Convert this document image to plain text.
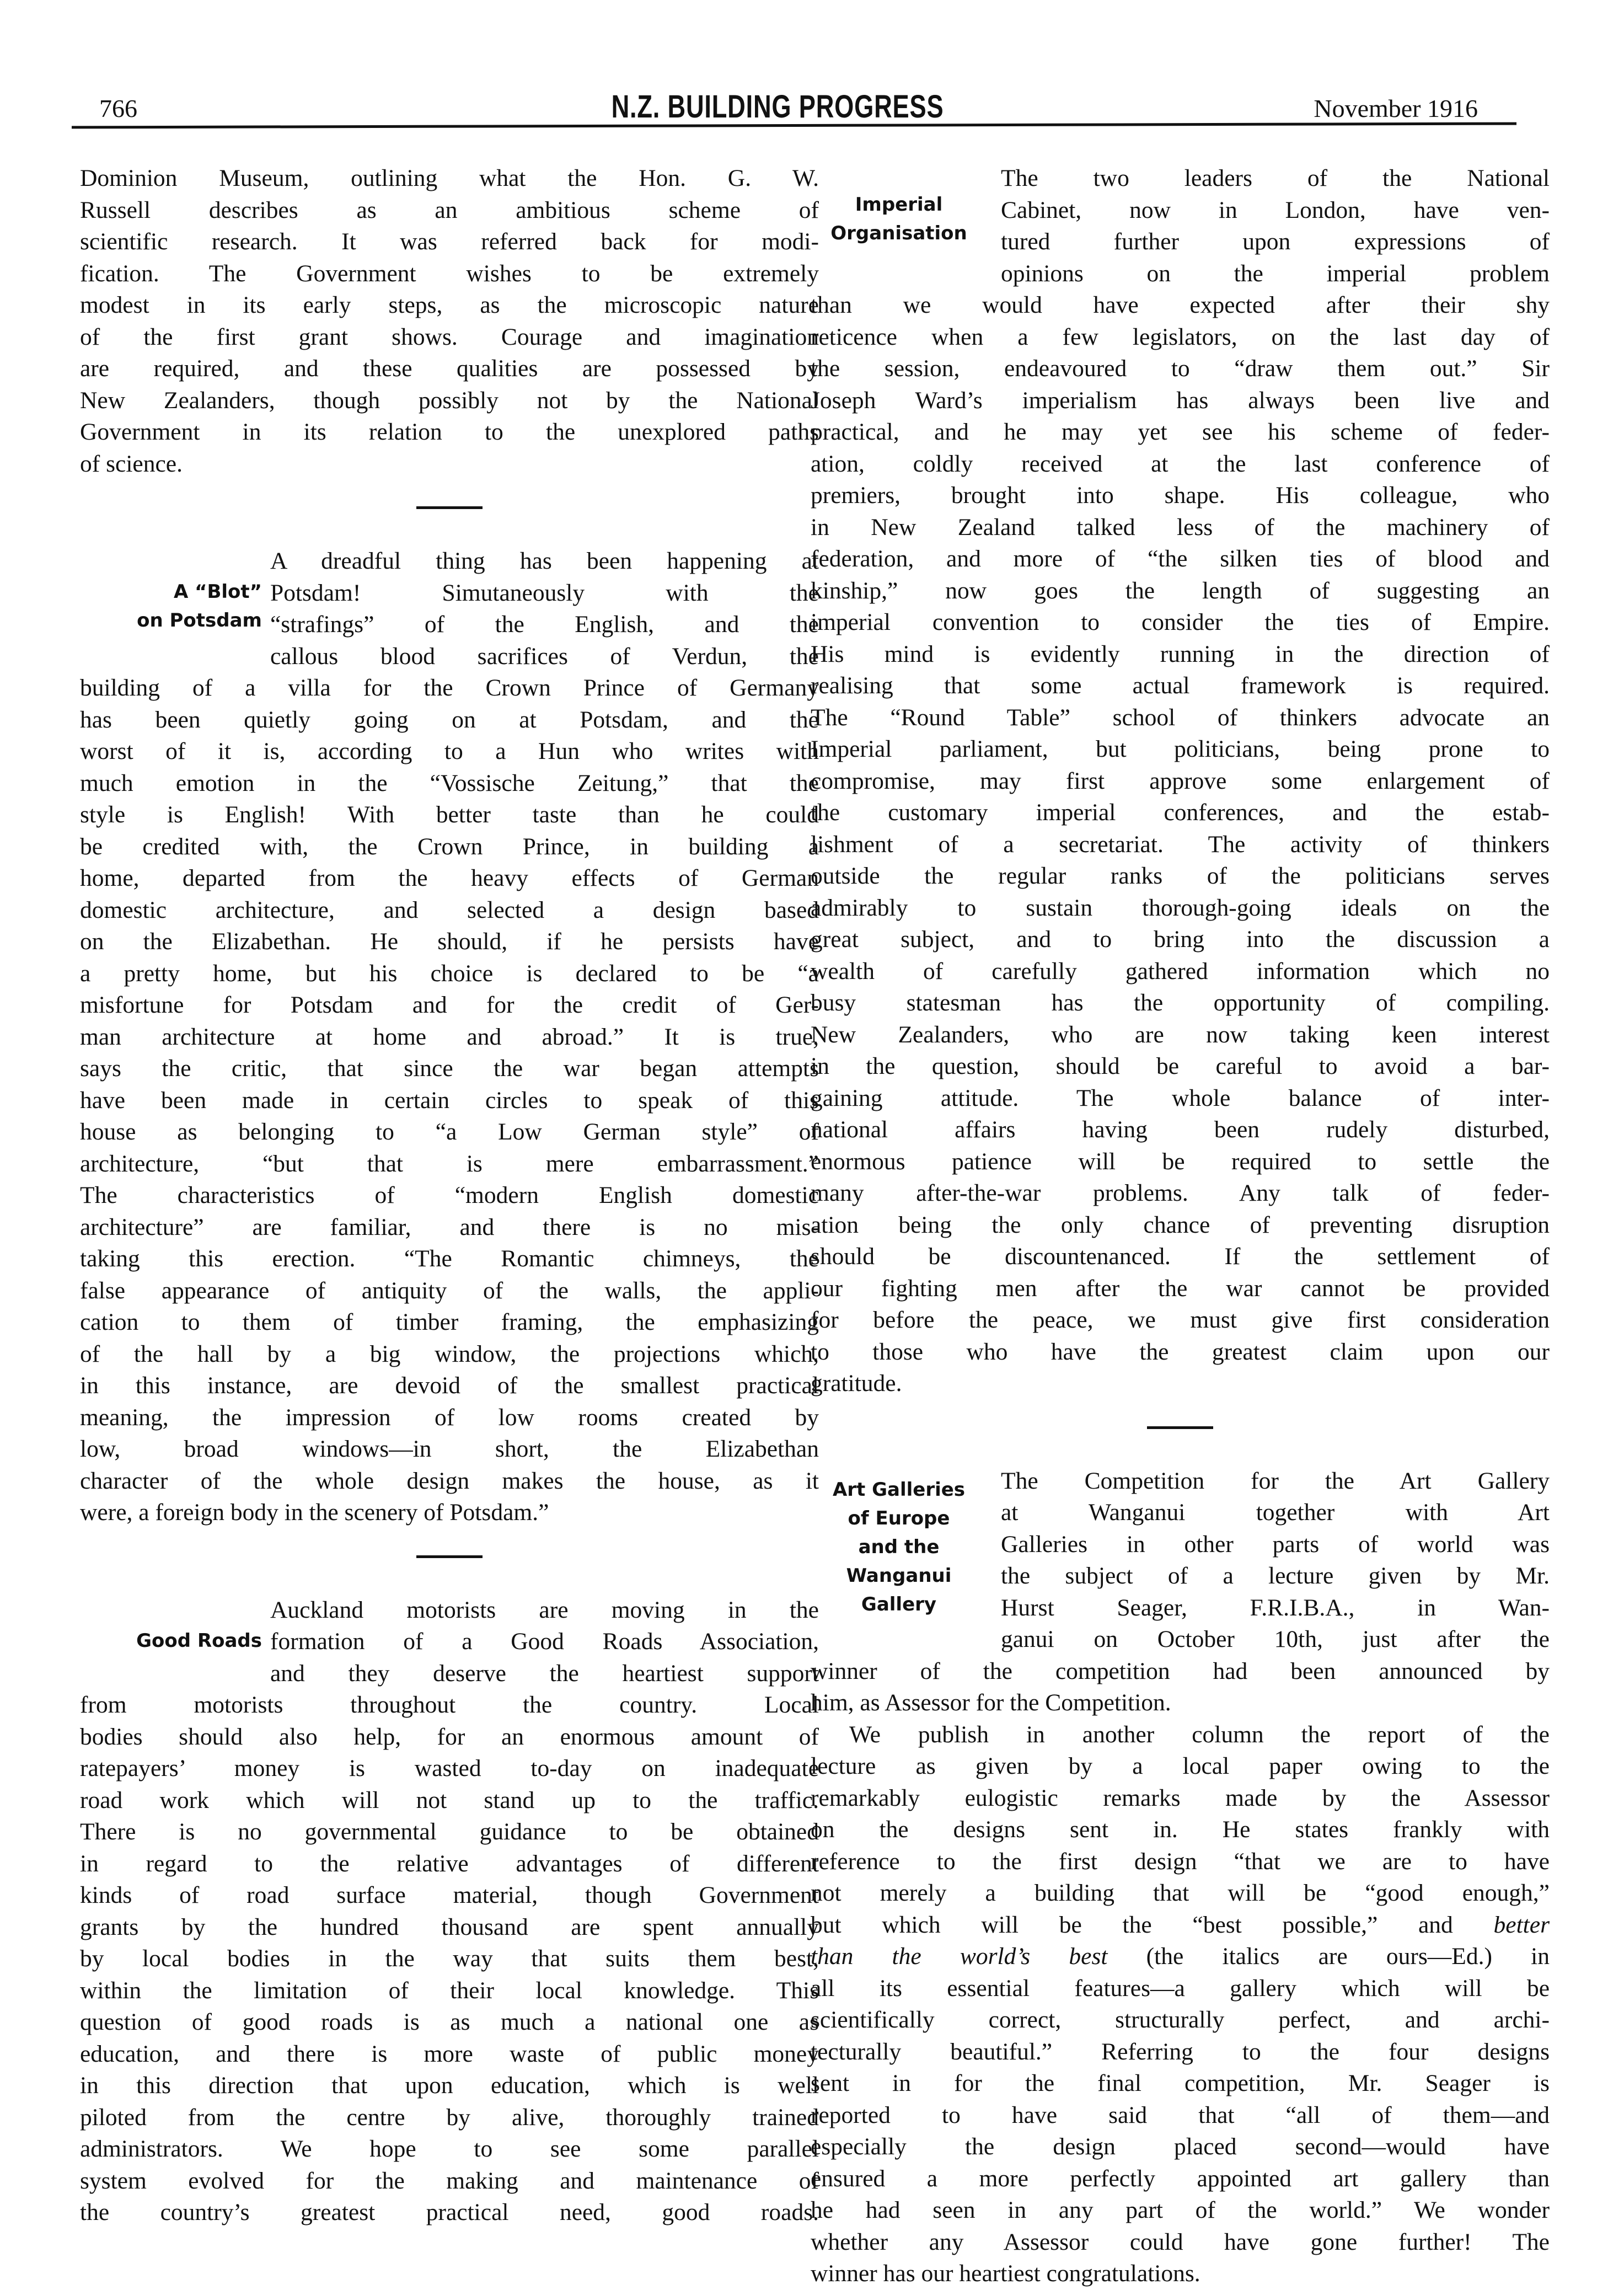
766	N.Z. BUILDING PROGRESS	November 1916
Dominion Museum, outlining what the Hon. G. W.
Russell describes as an ambitious scheme of
scientific research. It was referred back for modi-
fication. The Government wishes to be extremely
modest in its early steps, as the microscopic nature
of the first grant shows. Courage and imagination
are required, and these qualities are possessed by
New Zealanders, though possibly not by the National
Government in its relation to the unexplored paths
of science.
A “Blot”
on Potsdam
A dreadful thing has been happening at
Potsdam! Simutaneously with the
“strafings” of the English, and the
callous blood sacrifices of Verdun, the
building of a villa for the Crown Prince of Germany
has been quietly going on at Potsdam, and the
worst of it is, according to a Hun who writes with
much emotion in the “Vossische Zeitung,” that the
style is English! With better taste than he could
be credited with, the Crown Prince, in building a
home, departed from the heavy effects of German
domestic architecture, and selected a design based
on the Elizabethan. He should, if he persists have
a pretty home, but his choice is declared to be “a
misfortune for Potsdam and for the credit of Ger-
man architecture at home and abroad.” It is true,
says the critic, that since the war began attempts
have been made in certain circles to speak of this
house as belonging to “a Low German style” of
architecture, “but that is mere embarrassment.”
The characteristics of “modern English domestic
architecture” are familiar, and there is no mis-
taking this erection. “The Romantic chimneys, the
false appearance of antiquity of the walls, the appli-
cation to them of timber framing, the emphasizing
of the hall by a big window, the projections which,
in this instance, are devoid of the smallest practical
meaning, the impression of low rooms created by
low, broad windows—in short, the Elizabethan
character of the whole design makes the house, as it
were, a foreign body in the scenery of Potsdam.”
Good Roads
Auckland motorists are moving in the
formation of a Good Roads Association,
and they deserve the heartiest support
from motorists throughout the country. Local
bodies should also help, for an enormous amount of
ratepayers’ money is wasted to-day on inadequate
road work which will not stand up to the traffic.
There is no governmental guidance to be obtained
in regard to the relative advantages of different
kinds of road surface material, though Government
grants by the hundred thousand are spent annually
by local bodies in the way that suits them best,
within the limitation of their local knowledge. This
question of good roads is as much a national one as
education, and there is more waste of public money
in this direction that upon education, which is well
piloted from the centre by alive, thoroughly trained
administrators. We hope to see some parallel
system evolved for the making and maintenance of
the country’s greatest practical need, good roads.
Imperial
Organisation
The two leaders of the National
Cabinet, now in London, have ven-
tured further upon expressions of
opinions on the imperial problem
than we would have expected after their shy
reticence when a few legislators, on the last day of
the session, endeavoured to “draw them out.” Sir
Joseph Ward’s imperialism has always been live and
practical, and he may yet see his scheme of feder-
ation, coldly received at the last conference of
premiers, brought into shape. His colleague, who
in New Zealand talked less of the machinery of
federation, and more of “the silken ties of blood and
kinship,” now goes the length of suggesting an
imperial convention to consider the ties of Empire.
His mind is evidently running in the direction of
realising that some actual framework is required.
The “Round Table” school of thinkers advocate an
Imperial parliament, but politicians, being prone to
compromise, may first approve some enlargement of
the customary imperial conferences, and the estab-
lishment of a secretariat. The activity of thinkers
outside the regular ranks of the politicians serves
admirably to sustain thorough-going ideals on the
great subject, and to bring into the discussion a
wealth of carefully gathered information which no
busy statesman has the opportunity of compiling.
New Zealanders, who are now taking keen interest
in the question, should be careful to avoid a bar-
gaining attitude. The whole balance of inter-
national affairs having been rudely disturbed,
enormous patience will be required to settle the
many after-the-war problems. Any talk of feder-
ation being the only chance of preventing disruption
should be discountenanced. If the settlement of
our fighting men after the war cannot be provided
for before the peace, we must give first consideration
to those who have the greatest claim upon our
gratitude.
Art Galleries
of Europe
and the
Wanganui
Gallery
The Competition for the Art Gallery
at Wanganui together with Art
Galleries in other parts of world was
the subject of a lecture given by Mr.
Hurst Seager, F.R.I.B.A., in Wan-
ganui on October 10th, just after the
winner of the competition had been announced by
him, as Assessor for the Competition.
We publish in another column the report of the
lecture as given by a local paper owing to the
remarkably eulogistic remarks made by the Assessor
on the designs sent in. He states frankly with
reference to the first design “that we are to have
not merely a building that will be “good enough,”
but which will be the “best possible,” and better
than the world’s best (the italics are ours—Ed.) in
all its essential features—a gallery which will be
scientifically correct, structurally perfect, and archi-
tecturally beautiful.” Referring to the four designs
sent in for the final competition, Mr. Seager is
reported to have said that “all of them—and
especially the design placed second—would have
ensured a more perfectly appointed art gallery than
he had seen in any part of the world.” We wonder
whether any Assessor could have gone further! The
winner has our heartiest congratulations.
